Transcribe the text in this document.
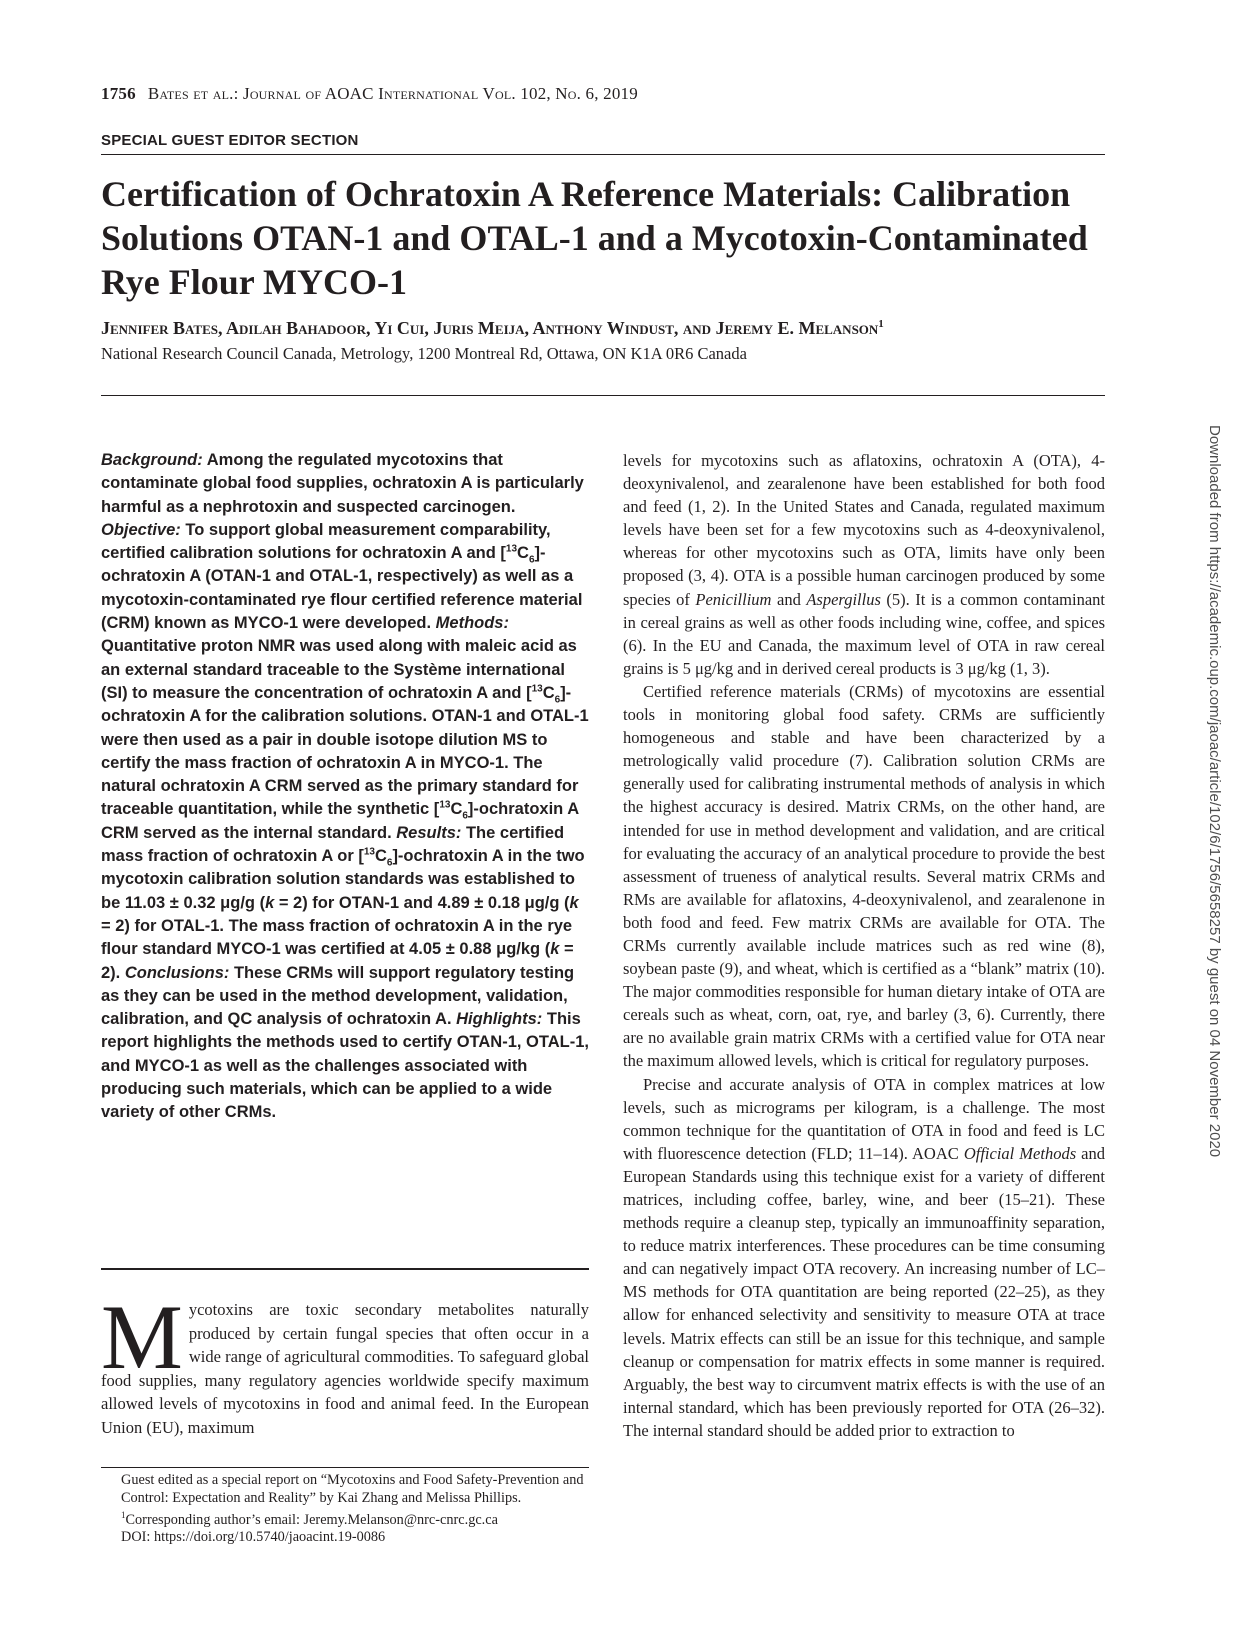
1756 Bates et al.: Journal of AOAC International Vol. 102, No. 6, 2019
SPECIAL GUEST EDITOR SECTION
Certification of Ochratoxin A Reference Materials: Calibration Solutions OTAN-1 and OTAL-1 and a Mycotoxin-Contaminated Rye Flour MYCO-1
Jennifer Bates, Adilah Bahadoor, Yi Cui, Juris Meija, Anthony Windust, and Jeremy E. Melanson$^1$
National Research Council Canada, Metrology, 1200 Montreal Rd, Ottawa, ON K1A 0R6 Canada

Background: Among the regulated mycotoxins that contaminate global food supplies, ochratoxin A is particularly harmful as a nephrotoxin and suspected carcinogen. Objective: To support global measurement comparability, certified calibration solutions for ochratoxin A and $[^{13}C_6]$-ochratoxin A (OTAN-1 and OTAL-1, respectively) as well as a mycotoxin-contaminated rye flour certified reference material (CRM) known as MYCO-1 were developed. Methods: Quantitative proton NMR was used along with maleic acid as an external standard traceable to the Système international (SI) to measure the concentration of ochratoxin A and $[^{13}C_6]$-ochratoxin A for the calibration solutions. OTAN-1 and OTAL-1 were then used as a pair in double isotope dilution MS to certify the mass fraction of ochratoxin A in MYCO-1. The natural ochratoxin A CRM served as the primary standard for traceable quantitation, while the synthetic $[^{13}C_6]$-ochratoxin A CRM served as the internal standard. Results: The certified mass fraction of ochratoxin A or $[^{13}C_6]$-ochratoxin A in the two mycotoxin calibration solution standards was established to be 11.03 ± 0.32 μg/g (k = 2) for OTAN-1 and 4.89 ± 0.18 μg/g (k = 2) for OTAL-1. The mass fraction of ochratoxin A in the rye flour standard MYCO-1 was certified at 4.05 ± 0.88 μg/kg (k = 2). Conclusions: These CRMs will support regulatory testing as they can be used in the method development, validation, calibration, and QC analysis of ochratoxin A. Highlights: This report highlights the methods used to certify OTAN-1, OTAL-1, and MYCO-1 as well as the challenges associated with producing such materials, which can be applied to a wide variety of other CRMs.

Mycotoxins are toxic secondary metabolites naturally produced by certain fungal species that often occur in a wide range of agricultural commodities. To safeguard global food supplies, many regulatory agencies worldwide specify maximum allowed levels of mycotoxins in food and animal feed. In the European Union (EU), maximum

Guest edited as a special report on “Mycotoxins and Food Safety-Prevention and Control: Expectation and Reality” by Kai Zhang and Melissa Phillips.

$^1$Corresponding author’s email: Jeremy.Melanson@nrc-cnrc.gc.ca

DOI: https://doi.org/10.5740/jaoacint.19-0086

levels for mycotoxins such as aflatoxins, ochratoxin A (OTA), 4-deoxynivalenol, and zearalenone have been established for both food and feed (1, 2). In the United States and Canada, regulated maximum levels have been set for a few mycotoxins such as 4-deoxynivalenol, whereas for other mycotoxins such as OTA, limits have only been proposed (3, 4). OTA is a possible human carcinogen produced by some species of Penicillium and Aspergillus (5). It is a common contaminant in cereal grains as well as other foods including wine, coffee, and spices (6). In the EU and Canada, the maximum level of OTA in raw cereal grains is 5 μg/kg and in derived cereal products is 3 μg/kg (1, 3).

Certified reference materials (CRMs) of mycotoxins are essential tools in monitoring global food safety. CRMs are sufficiently homogeneous and stable and have been characterized by a metrologically valid procedure (7). Calibration solution CRMs are generally used for calibrating instrumental methods of analysis in which the highest accuracy is desired. Matrix CRMs, on the other hand, are intended for use in method development and validation, and are critical for evaluating the accuracy of an analytical procedure to provide the best assessment of trueness of analytical results. Several matrix CRMs and RMs are available for aflatoxins, 4-deoxynivalenol, and zearalenone in both food and feed. Few matrix CRMs are available for OTA. The CRMs currently available include matrices such as red wine (8), soybean paste (9), and wheat, which is certified as a “blank” matrix (10). The major commodities responsible for human dietary intake of OTA are cereals such as wheat, corn, oat, rye, and barley (3, 6). Currently, there are no available grain matrix CRMs with a certified value for OTA near the maximum allowed levels, which is critical for regulatory purposes.

Precise and accurate analysis of OTA in complex matrices at low levels, such as micrograms per kilogram, is a challenge. The most common technique for the quantitation of OTA in food and feed is LC with fluorescence detection (FLD; 11–14). AOAC Official Methods and European Standards using this technique exist for a variety of different matrices, including coffee, barley, wine, and beer (15–21). These methods require a cleanup step, typically an immunoaffinity separation, to reduce matrix interferences. These procedures can be time consuming and can negatively impact OTA recovery. An increasing number of LC–MS methods for OTA quantitation are being reported (22–25), as they allow for enhanced selectivity and sensitivity to measure OTA at trace levels. Matrix effects can still be an issue for this technique, and sample cleanup or compensation for matrix effects in some manner is required. Arguably, the best way to circumvent matrix effects is with the use of an internal standard, which has been previously reported for OTA (26–32). The internal standard should be added prior to extraction to

Downloaded from https://academic.oup.com/jaoac/article/102/6/1756/5658257 by guest on 04 November 2020
